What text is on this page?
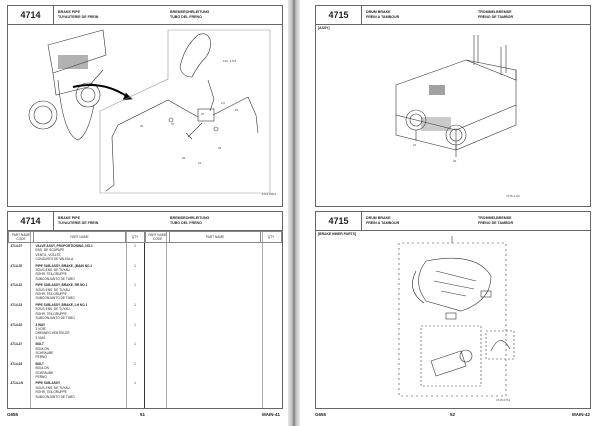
4714	BRAKE PIPE
TUYAUTERIE DE FREIN
BREMSROHRLEITUNG
TUBO DEL FRENO
FIG. 4715
LN
22
07
47
20
02
21
03
4714-0004
4714	BRAKE PIPE
TUYAUTERIE DE FREIN
BREMSROHRLEITUNG
TUBO DEL FRENO
PART NAME CODE	PART NAME	QTY
4714-07	VALVE ASSY, PROPORTIONING, NO.1
ENS. DE SOUPAPE
VENTIL, VOLLST.
CONJUNTO DE VALVULA	1
4714-20	PIPE SUB-ASSY, BRAKE, (MAIN NO.1
SOUS-ENS. DE TUYAU
ROHR, TEILGRUPPE
SUBCONJUNTO DE TUBO	1
4714-22	PIPE SUB-ASSY, BRAKE, RR NO.1
SOUS-ENS. DE TUYAU
ROHR, TEILGRUPPE
SUBCONJUNTO DE TUBO	1
4714-23	PIPE SUB-ASSY, BRAKE, LH NO.1
SOUS-ENS. DE TUYAU
ROHR, TEILGRUPPE
SUBCONJUNTO DE TUBO	1
4714-02	3 WAY
3 VOIE
DREIWEG-VENTEILER
3 VIAS	1
4714-47	BOLT
BOULON
SCHRAUBE
PERNO	1
4714-03	BOLT
BOULON
SCHRAUBE
PERNO	1
4714-LN	PIPE SUB-ASSY
SOUS-ENS. DE TUYAU
ROHR, TEILGRUPPE
SUBCONJUNTO DE TUBO	1
PART NAME CODE	PART NAME	QTY
G655	51	MAIN-41
4715	DRUM BRAKE
FREIN A TAMBOUR
TROMMELBREMSE
FRENO DE TAMBOR
[ASSY]
01
02
4715-1.00
4715	DRUM BRAKE
FREIN A TAMBOUR
TROMMELBREMSE
FRENO DE TAMBOR
[BRAKE INNER PARTS]
4715-0713
G655	52	MAIN-42
